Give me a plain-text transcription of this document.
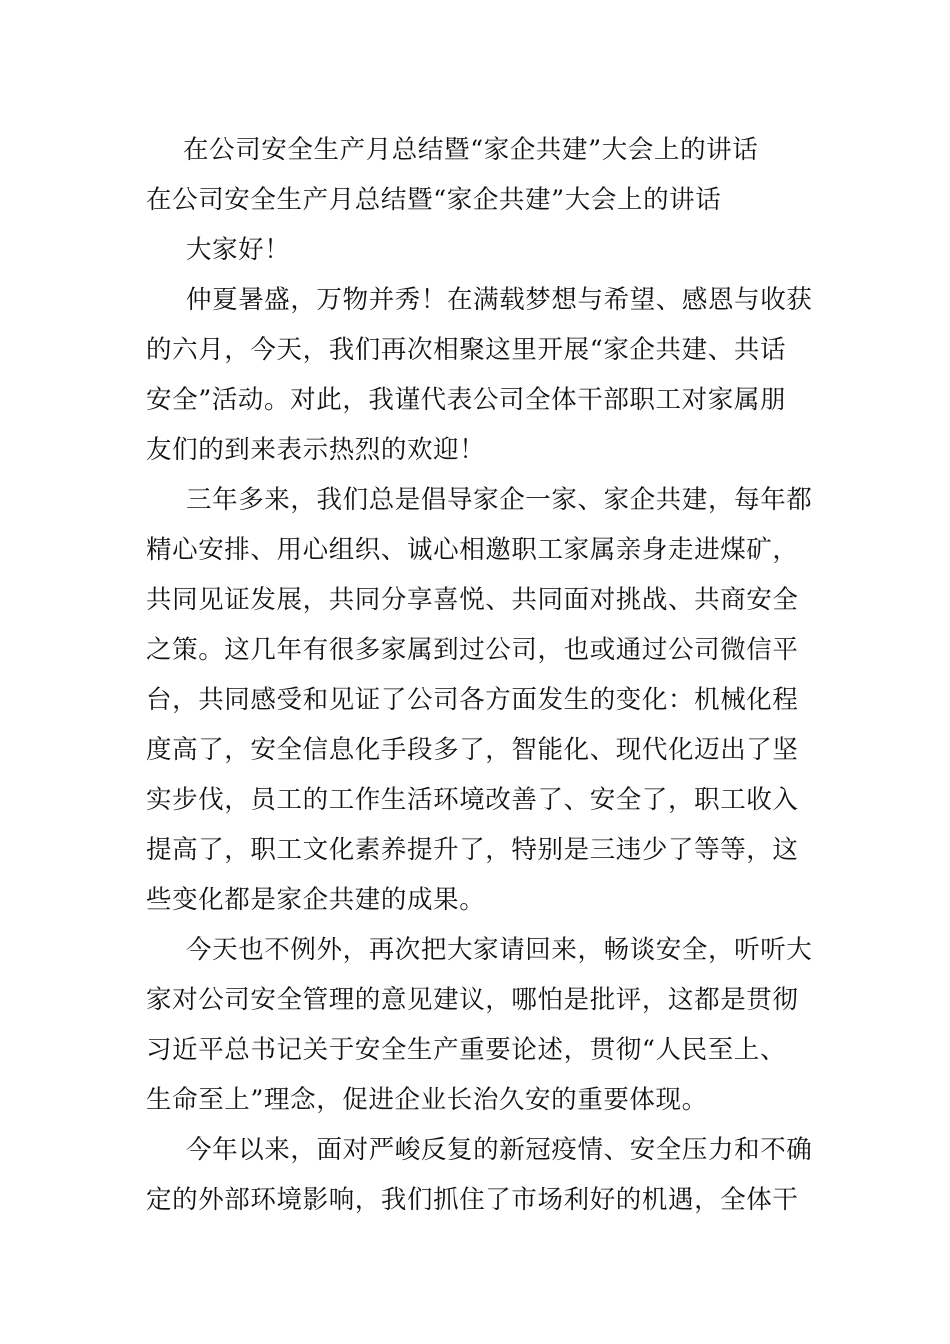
在公司安全生产月总结暨“家企共建”大会上的讲话
在公司安全生产月总结暨“家企共建”大会上的讲话
大家好！
仲夏暑盛，万物并秀！在满载梦想与希望、感恩与收获
的六月，今天，我们再次相聚这里开展“家企共建、共话
安全”活动。对此，我谨代表公司全体干部职工对家属朋
友们的到来表示热烈的欢迎！
三年多来，我们总是倡导家企一家、家企共建，每年都
精心安排、用心组织、诚心相邀职工家属亲身走进煤矿，
共同见证发展，共同分享喜悦、共同面对挑战、共商安全
之策。这几年有很多家属到过公司，也或通过公司微信平
台，共同感受和见证了公司各方面发生的变化：机械化程
度高了，安全信息化手段多了，智能化、现代化迈出了坚
实步伐，员工的工作生活环境改善了、安全了，职工收入
提高了，职工文化素养提升了，特别是三违少了等等，这
些变化都是家企共建的成果。
今天也不例外，再次把大家请回来，畅谈安全，听听大
家对公司安全管理的意见建议，哪怕是批评，这都是贯彻
习近平总书记关于安全生产重要论述，贯彻“人民至上、
生命至上”理念，促进企业长治久安的重要体现。
今年以来，面对严峻反复的新冠疫情、安全压力和不确
定的外部环境影响，我们抓住了市场利好的机遇，全体干
